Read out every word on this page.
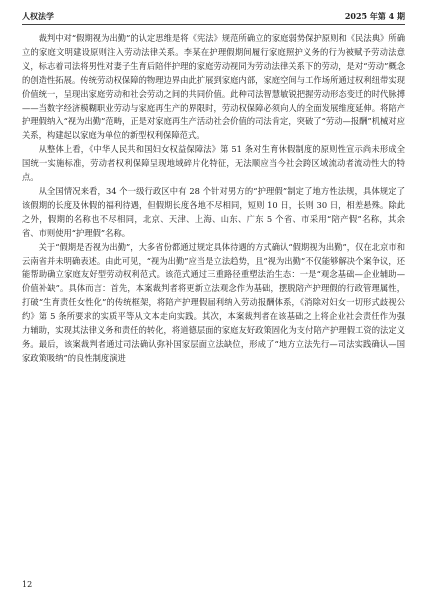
人权法学	2025 年第 4 期

裁判中对“假期视为出勤”的认定思维是将《宪法》规范所确立的家庭弱势保护原则和《民法典》所确立的家庭文明建设原则注入劳动法律关系。李某在护理假期间履行家庭照护义务的行为被赋予劳动法意义，标志着司法将男性对妻子生育后陪伴护理的家庭劳动视同为劳动法律关系下的劳动，是对“劳动”概念的创造性拓展。传统劳动权保障的物理边界由此扩展到家庭内部，家庭空间与工作场所通过权利纽带实现价值统一，呈现出家庭劳动和社会劳动之间的共同价值。此种司法智慧敏锐把握劳动形态变迁的时代脉搏——当数字经济模糊职业劳动与家庭再生产的界限时，劳动权保障必须向人的全面发展维度延伸。将陪产护理假纳入“视为出勤”范畴，正是对家庭再生产活动社会价值的司法肯定，突破了“劳动—报酬”机械对应关系，构建起以家庭为单位的新型权利保障范式。

从整体上看，《中华人民共和国妇女权益保障法》第 51 条对生育休假制度的原则性宣示尚未形成全国统一实施标准，劳动者权利保障呈现地域碎片化特征，无法顺应当今社会跨区域流动者流动性大的特点。

从全国情况来看，34 个一级行政区中有 28 个针对男方的“护理假”制定了地方性法规，具体规定了该假期的长度及休假的福利待遇，但假期长度各地不尽相同，短则 10 日，长则 30 日，相差悬殊。除此之外，假期的名称也不尽相同，北京、天津、上海、山东、广东 5 个省、市采用“陪产假”名称，其余省、市则使用“护理假”名称。

关于“假期是否视为出勤”，大多省份都通过规定具体待遇的方式确认“假期视为出勤”，仅在北京市和云南省并未明确表述。由此可见，“视为出勤”应当是立法趋势，且“视为出勤”不仅能够解决个案争议，还能帮助确立家庭友好型劳动权利范式。该范式通过三重路径重塑法治生态：一是“观念基础—企业辅助—价值补缺”。具体而言：首先，本案裁判者将更新立法观念作为基础，摆脱陪产护理假的行政管理属性，打破“生育责任女性化”的传统框架，将陪产护理假届利纳入劳动报酬体系，《消除对妇女一切形式歧视公约》第 5 条所要求的实质平等从文本走向实践。其次，本案裁判者在该基础之上将企业社会责任作为强力辅助，实现其法律义务和责任的转化，将道德层面的家庭友好政策固化为支付陪产护理假工资的法定义务。最后，该案裁判者通过司法确认弥补国家层面立法缺位，形成了“地方立法先行—司法实践确认—国家政策吸纳”的良性制度演进

12
